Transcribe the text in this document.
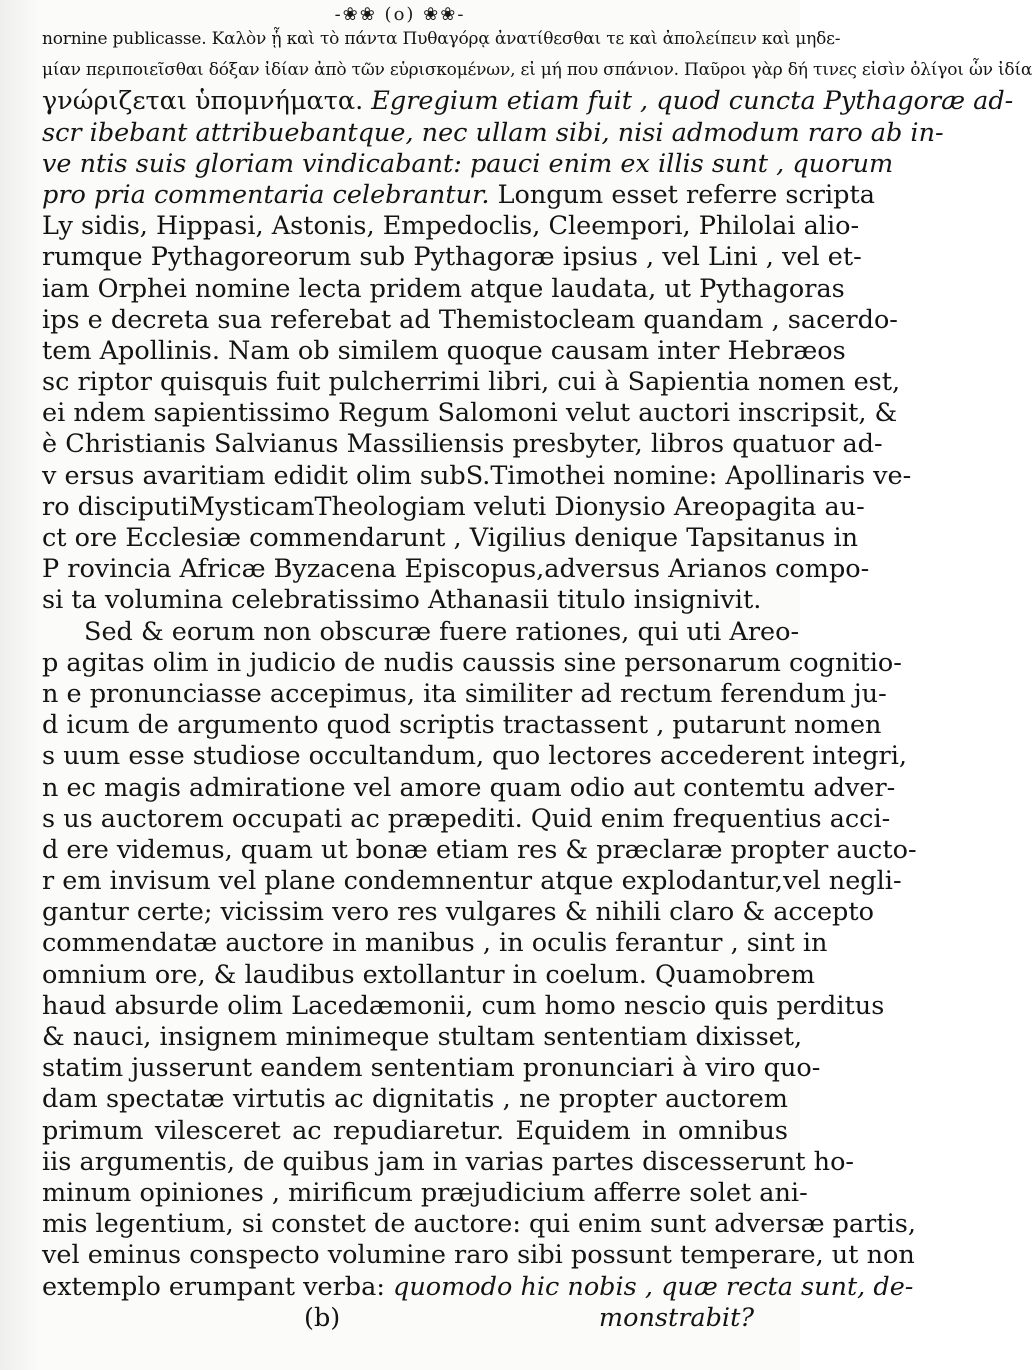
-❀❀ (o) ❀❀-
nornine publicasse. Καλὸν ᾗ καὶ τὸ πάντα Πυθαγόρᾳ ἀνατίθεσθαι τε καὶ ἀπολείπειν καὶ μηδε-
μίαν περιποιεῖσθαι δόξαν ἰδίαν ἀπὸ τῶν εὑρισκομένων, εἰ μή που σπάνιον. Παῦροι γὰρ δή τινες εἰσὶν ὀλίγοι ὧν ἰδία
γνώριζεται ὑπομνήματα. Egregium etiam fuit , quod cuncta Pythagoræ ad-
scr ibebant attribuebantque, nec ullam sibi, nisi admodum raro ab in-
ve ntis suis gloriam vindicabant: pauci enim ex illis sunt , quorum
pro pria commentaria celebrantur. Longum esset referre scripta
Ly sidis, Hippasi, Astonis, Empedoclis, Cleempori, Philolai alio-
rumque Pythagoreorum sub Pythagoræ ipsius , vel Lini , vel et-
iam Orphei nomine lecta pridem atque laudata, ut Pythagoras
ips e decreta sua referebat ad Themistocleam quandam , sacerdo-
tem Apollinis. Nam ob similem quoque causam inter Hebræos
sc riptor quisquis fuit pulcherrimi libri, cui à Sapientia nomen est,
ei ndem sapientissimo Regum Salomoni velut auctori inscripsit, &
è Christianis Salvianus Massiliensis presbyter, libros quatuor ad-
v ersus avaritiam edidit olim subS.Timothei nomine: Apollinaris ve-
ro disciputiMysticamTheologiam veluti Dionysio Areopagita au-
ct ore Ecclesiæ commendarunt , Vigilius denique Tapsitanus in
P rovincia Africæ Byzacena Episcopus,adversus Arianos compo-
si ta volumina celebratissimo Athanasii titulo insignivit.
Sed & eorum non obscuræ fuere rationes, qui uti Areo-
p agitas olim in judicio de nudis caussis sine personarum cognitio-
n e pronunciasse accepimus, ita similiter ad rectum ferendum ju-
d icum de argumento quod scriptis tractassent , putarunt nomen
s uum esse studiose occultandum, quo lectores accederent integri,
n ec magis admiratione vel amore quam odio aut contemtu adver-
s us auctorem occupati ac præpediti. Quid enim frequentius acci-
d ere videmus, quam ut bonæ etiam res & præclaræ propter aucto-
r em invisum vel plane condemnentur atque explodantur,vel negli-
gantur certe; vicissim vero res vulgares & nihili claro & accepto
commendatæ auctore in manibus , in oculis ferantur , sint in
omnium ore, & laudibus extollantur in coelum. Quamobrem
haud absurde olim Lacedæmonii, cum homo nescio quis perditus
& nauci, insignem minimeque stultam sententiam dixisset,
statim jusserunt eandem sententiam pronunciari à viro quo-
dam spectatæ virtutis ac dignitatis , ne propter auctorem
primum vilesceret ac repudiaretur. Equidem in omnibus
iis argumentis, de quibus jam in varias partes discesserunt ho-
minum opiniones , mirificum præjudicium afferre solet ani-
mis legentium, si constet de auctore: qui enim sunt adversæ partis,
vel eminus conspecto volumine raro sibi possunt temperare, ut non
extemplo erumpant verba: quomodo hic nobis , quæ recta sunt, de-
(b)	monstrabit?
